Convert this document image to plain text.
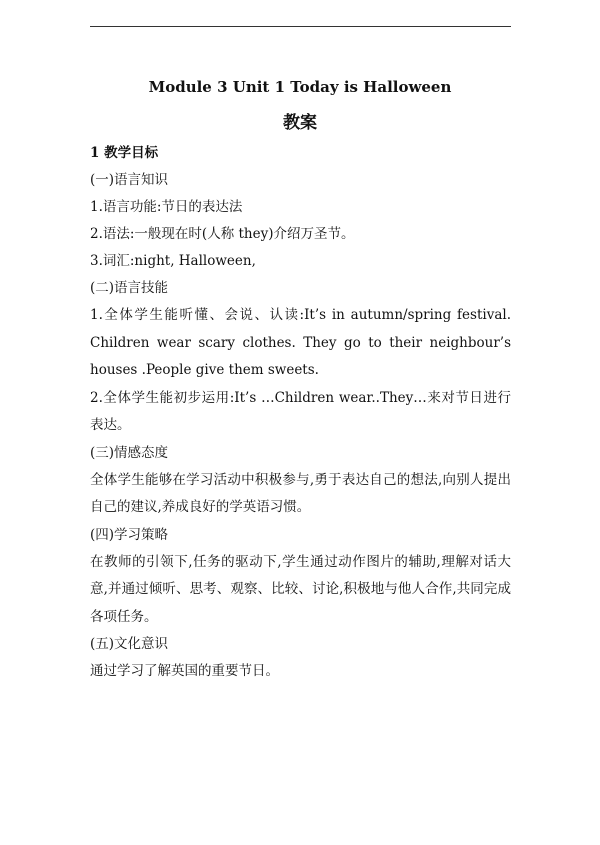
Module 3 Unit 1 Today is Halloween
教案
1 教学目标
(一)语言知识
1.语言功能:节日的表达法
2.语法:一般现在时(人称 they)介绍万圣节。
3.词汇:night, Halloween,
(二)语言技能
1.全体学生能听懂、会说、认读:It’s in autumn/spring festival. Children wear scary clothes. They go to their neighbour’s houses .People give them sweets.
2.全体学生能初步运用:It’s …Children wear..They…来对节日进行表达。
(三)情感态度
全体学生能够在学习活动中积极参与,勇于表达自己的想法,向别人提出自己的建议,养成良好的学英语习惯。
(四)学习策略
在教师的引领下,任务的驱动下,学生通过动作图片的辅助,理解对话大意,并通过倾听、思考、观察、比较、讨论,积极地与他人合作,共同完成各项任务。
(五)文化意识
通过学习了解英国的重要节日。
